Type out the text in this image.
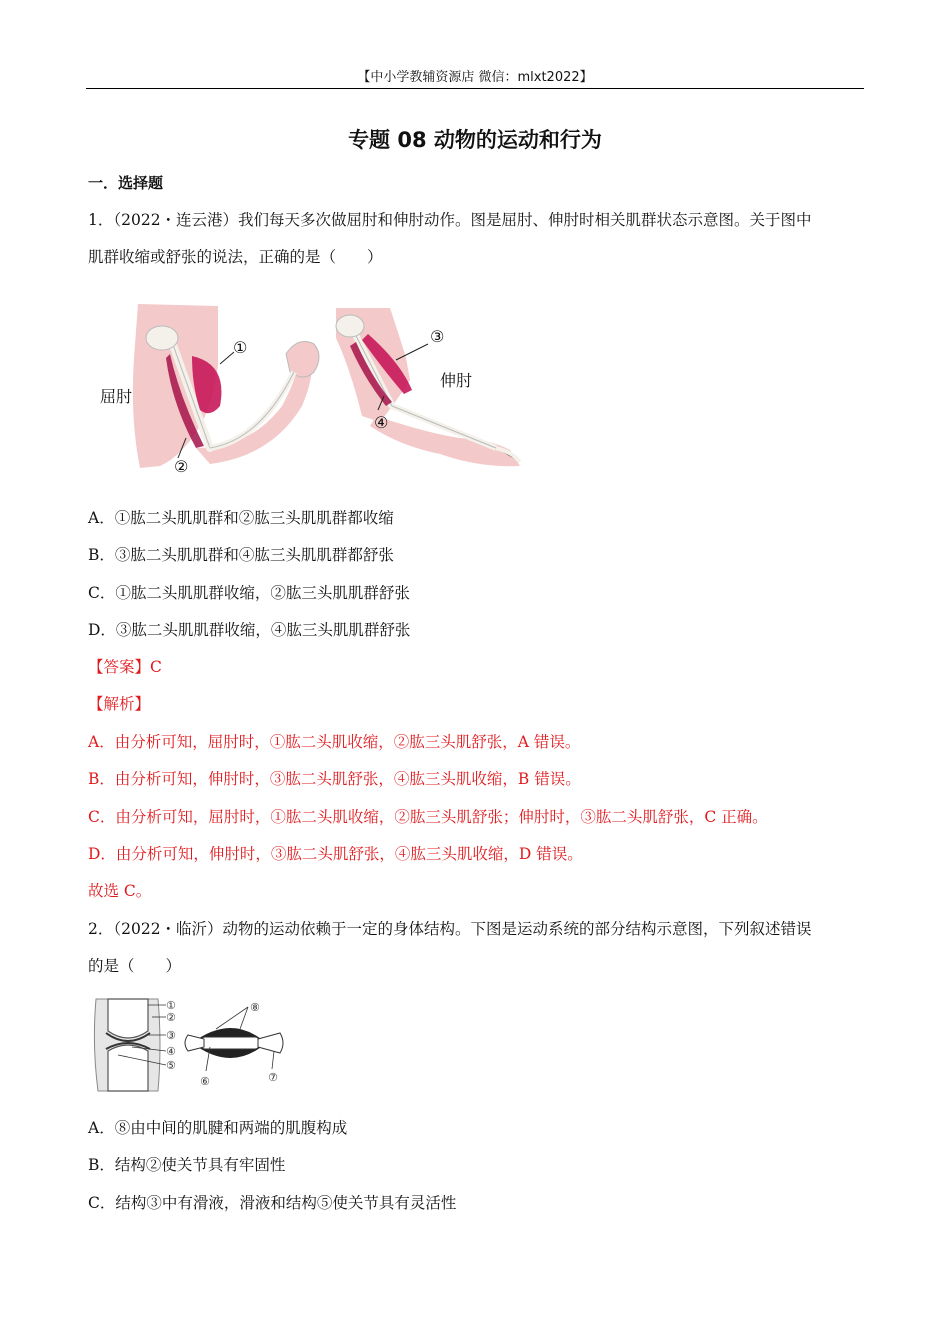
【中小学教辅资源店 微信：mlxt2022】
专题 08 动物的运动和行为
一．选择题
1．（2022・连云港）我们每天多次做屈肘和伸肘动作。图是屈肘、伸肘时相关肌群状态示意图。关于图中
肌群收缩或舒张的说法，正确的是（　　）
屈肘
①
②
③
④
伸肘
A．①肱二头肌肌群和②肱三头肌肌群都收缩
B．③肱二头肌肌群和④肱三头肌肌群都舒张
C．①肱二头肌肌群收缩，②肱三头肌肌群舒张
D．③肱二头肌肌群收缩，④肱三头肌肌群舒张
【答案】C
【解析】
A．由分析可知，屈肘时，①肱二头肌收缩，②肱三头肌舒张，A 错误。
B．由分析可知，伸肘时，③肱二头肌舒张，④肱三头肌收缩，B 错误。
C．由分析可知，屈肘时，①肱二头肌收缩，②肱三头肌舒张；伸肘时，③肱二头肌舒张，C 正确。
D．由分析可知，伸肘时，③肱二头肌舒张，④肱三头肌收缩，D 错误。
故选 C。
2．（2022・临沂）动物的运动依赖于一定的身体结构。下图是运动系统的部分结构示意图，下列叙述错误
的是（　　）
①
②
③
④
⑤
⑥	⑦
⑧
A．⑧由中间的肌腱和两端的肌腹构成
B．结构②使关节具有牢固性
C．结构③中有滑液，滑液和结构⑤使关节具有灵活性
